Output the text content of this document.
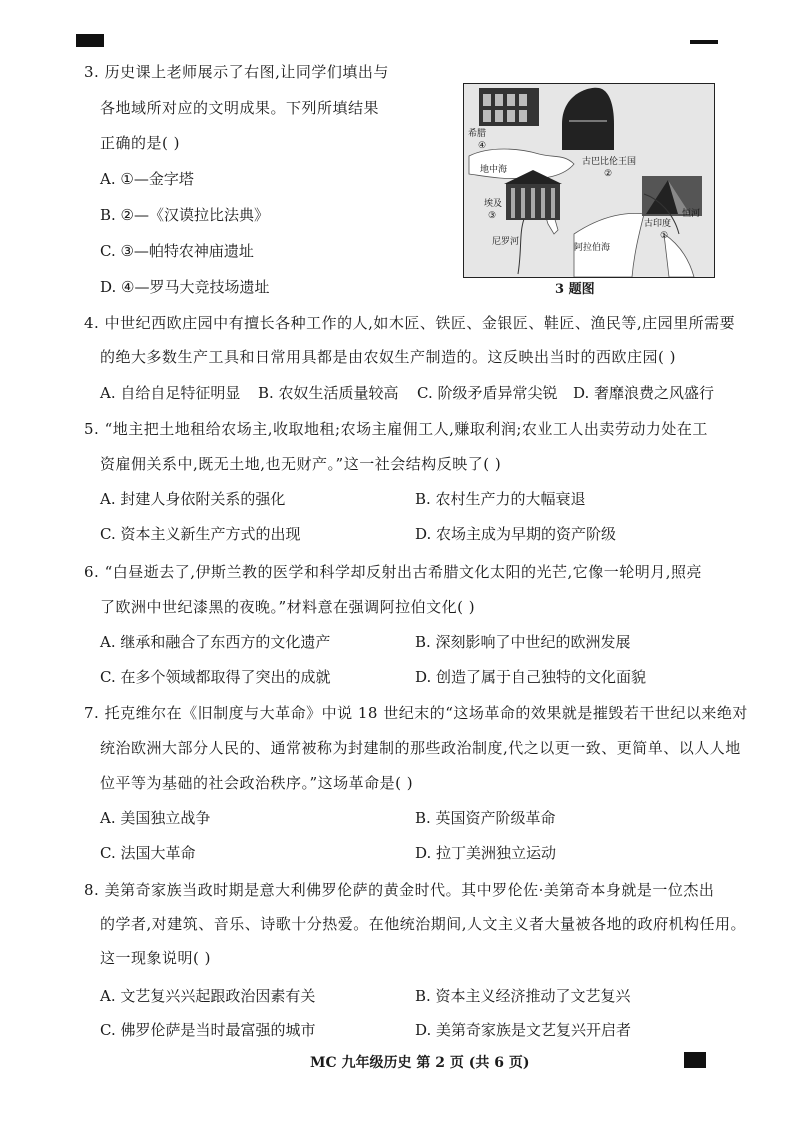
3. 历史课上老师展示了右图,让同学们填出与
各地域所对应的文明成果。下列所填结果
正确的是( )
A. ①—金字塔
B. ②—《汉谟拉比法典》
C. ③—帕特农神庙遗址
D. ④—罗马大竞技场遗址
希腊
④
地中海
古巴比伦王国
②
埃及
③
尼罗河
阿拉伯海
古印度
①
恒河
3 题图
4. 中世纪西欧庄园中有擅长各种工作的人,如木匠、铁匠、金银匠、鞋匠、渔民等,庄园里所需要
的绝大多数生产工具和日常用具都是由农奴生产制造的。这反映出当时的西欧庄园( )
A. 自给自足特征明显 B. 农奴生活质量较高 C. 阶级矛盾异常尖锐 D. 奢靡浪费之风盛行
5. “地主把土地租给农场主,收取地租;农场主雇佣工人,赚取利润;农业工人出卖劳动力处在工
资雇佣关系中,既无土地,也无财产。”这一社会结构反映了( )
A. 封建人身依附关系的强化	B. 农村生产力的大幅衰退
C. 资本主义新生产方式的出现	D. 农场主成为早期的资产阶级
6. “白昼逝去了,伊斯兰教的医学和科学却反射出古希腊文化太阳的光芒,它像一轮明月,照亮
了欧洲中世纪漆黑的夜晚。”材料意在强调阿拉伯文化( )
A. 继承和融合了东西方的文化遗产	B. 深刻影响了中世纪的欧洲发展
C. 在多个领域都取得了突出的成就	D. 创造了属于自己独特的文化面貌
7. 托克维尔在《旧制度与大革命》中说 18 世纪末的“这场革命的效果就是摧毁若干世纪以来绝对
统治欧洲大部分人民的、通常被称为封建制的那些政治制度,代之以更一致、更简单、以人人地
位平等为基础的社会政治秩序。”这场革命是( )
A. 美国独立战争	B. 英国资产阶级革命
C. 法国大革命	D. 拉丁美洲独立运动
8. 美第奇家族当政时期是意大利佛罗伦萨的黄金时代。其中罗伦佐·美第奇本身就是一位杰出
的学者,对建筑、音乐、诗歌十分热爱。在他统治期间,人文主义者大量被各地的政府机构任用。
这一现象说明( )
A. 文艺复兴兴起跟政治因素有关	B. 资本主义经济推动了文艺复兴
C. 佛罗伦萨是当时最富强的城市	D. 美第奇家族是文艺复兴开启者
MC 九年级历史 第 2 页 (共 6 页)
